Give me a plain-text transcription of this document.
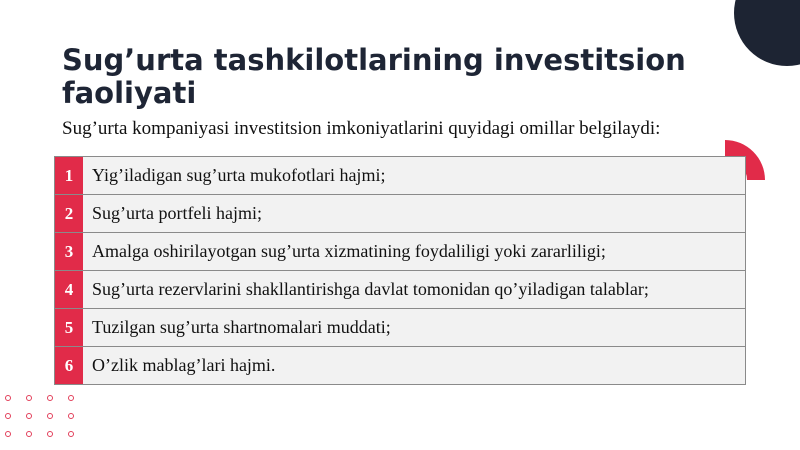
Sug’urta tashkilotlarining investitsion faoliyati
Sug’urta kompaniyasi investitsion imkoniyatlarini quyidagi omillar belgilaydi:
1	Yig’iladigan sug’urta mukofotlari hajmi;
2	Sug’urta portfeli hajmi;
3	Amalga oshirilayotgan sug’urta xizmatining foydaliligi yoki zararliligi;
4	Sug’urta rezervlarini shakllantirishga davlat tomonidan qo’yiladigan talablar;
5	Tuzilgan sug’urta shartnomalari muddati;
6	O’zlik mablag’lari hajmi.
